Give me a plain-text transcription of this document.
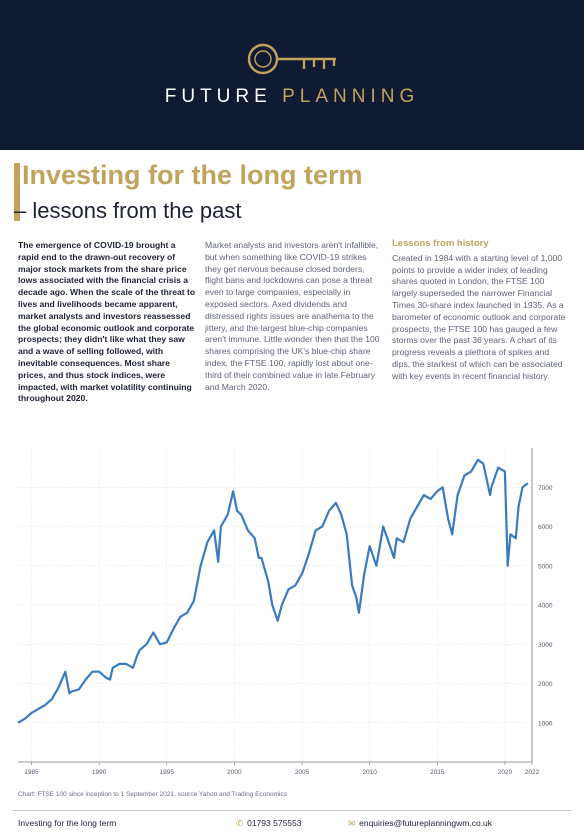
FUTURE PLANNING
Investing for the long term
– lessons from the past
The emergence of COVID-19 brought a rapid end to the drawn-out recovery of major stock markets from the share price lows associated with the financial crisis a decade ago. When the scale of the threat to lives and livelihoods became apparent, market analysts and investors reassessed the global economic outlook and corporate prospects; they didn't like what they saw and a wave of selling followed, with inevitable consequences. Most share prices, and thus stock indices, were impacted, with market volatility continuing throughout 2020.
Market analysts and investors aren't infallible, but when something like COVID-19 strikes they get nervous because closed borders, flight bans and lockdowns can pose a threat even to large companies, especially in exposed sectors. Axed dividends and distressed rights issues are anathema to the jittery, and the largest blue-chip companies aren't immune. Little wonder then that the 100 shares comprising the UK's blue-chip share index, the FTSE 100, rapidly lost about one-third of their combined value in late February and March 2020.
Lessons from history
Created in 1984 with a starting level of 1,000 points to provide a wider index of leading shares quoted in London, the FTSE 100 largely superseded the narrower Financial Times 30-share index launched in 1935. As a barometer of economic outlook and corporate prospects, the FTSE 100 has gauged a few storms over the past 36 years. A chart of its progress reveals a plethora of spikes and dips, the starkest of which can be associated with key events in recent financial history.
1000
2000
3000
4000
5000
6000
7000
1985	1990	1995	2000	2005	2010	2015	2020 2022
Chart: FTSE 100 since inception to 1 September 2021, source Yahoo and Trading Economics
Investing for the long term	✆ 01793 575553	✉ enquiries@futureplanningwm.co.uk
